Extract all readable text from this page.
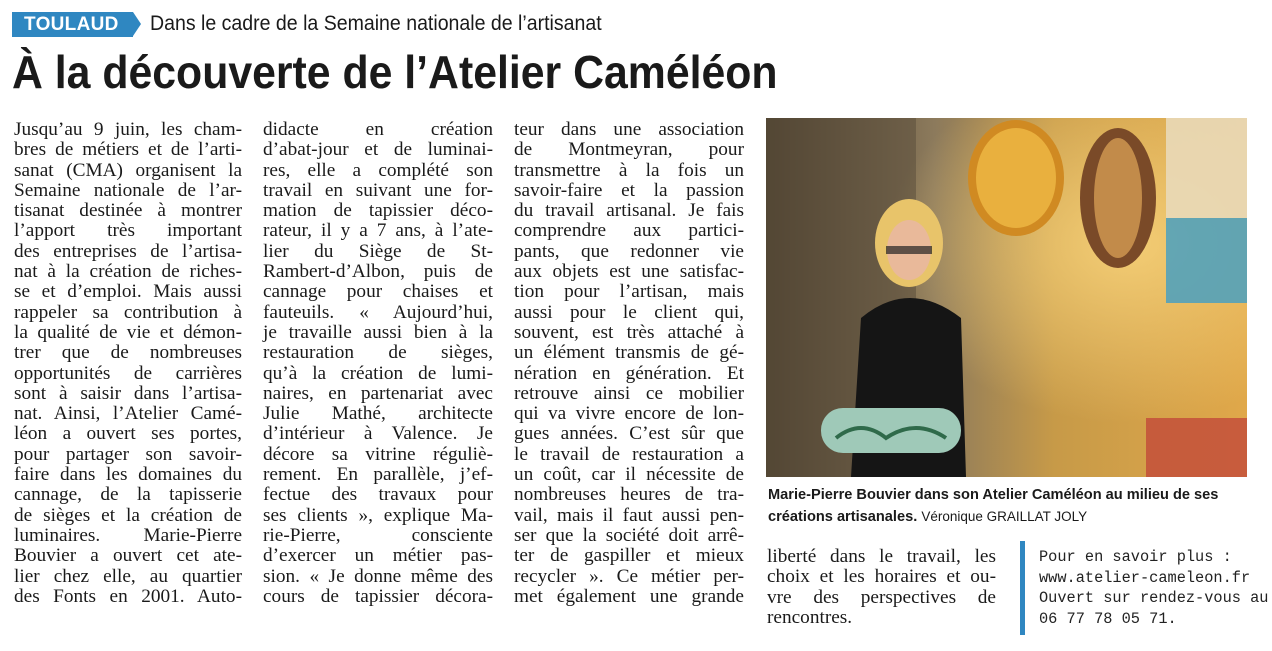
TOULAUD	Dans le cadre de la Semaine nationale de l’artisanat
À la découverte de l’Atelier Caméléon
Jusqu’au 9 juin, les cham-
bres de métiers et de l’arti-
sanat (CMA) organisent la
Semaine nationale de l’ar-
tisanat destinée à montrer
l’apport très important
des entreprises de l’artisa-
nat à la création de riches-
se et d’emploi. Mais aussi
rappeler sa contribution à
la qualité de vie et démon-
trer que de nombreuses
opportunités de carrières
sont à saisir dans l’artisa-
nat. Ainsi, l’Atelier Camé-
léon a ouvert ses portes,
pour partager son savoir-
faire dans les domaines du
cannage, de la tapisserie
de sièges et la création de
luminaires. Marie-Pierre
Bouvier a ouvert cet ate-
lier chez elle, au quartier
des Fonts en 2001. Auto-
didacte en création
d’abat-jour et de luminai-
res, elle a complété son
travail en suivant une for-
mation de tapissier déco-
rateur, il y a 7 ans, à l’ate-
lier du Siège de St-
Rambert-d’Albon, puis de
cannage pour chaises et
fauteuils. « Aujourd’hui,
je travaille aussi bien à la
restauration de sièges,
qu’à la création de lumi-
naires, en partenariat avec
Julie Mathé, architecte
d’intérieur à Valence. Je
décore sa vitrine réguliè-
rement. En parallèle, j’ef-
fectue des travaux pour
ses clients », explique Ma-
rie-Pierre, consciente
d’exercer un métier pas-
sion. « Je donne même des
cours de tapissier décora-
teur dans une association
de Montmeyran, pour
transmettre à la fois un
savoir-faire et la passion
du travail artisanal. Je fais
comprendre aux partici-
pants, que redonner vie
aux objets est une satisfac-
tion pour l’artisan, mais
aussi pour le client qui,
souvent, est très attaché à
un élément transmis de gé-
nération en génération. Et
retrouve ainsi ce mobilier
qui va vivre encore de lon-
gues années. C’est sûr que
le travail de restauration a
un coût, car il nécessite de
nombreuses heures de tra-
vail, mais il faut aussi pen-
ser que la société doit arrê-
ter de gaspiller et mieux
recycler ». Ce métier per-
met également une grande
liberté dans le travail, les
choix et les horaires et ou-
vre des perspectives de
rencontres.
Marie-Pierre Bouvier dans son Atelier Caméléon au milieu de ses créations artisanales. Véronique GRAILLAT JOLY
Pour en savoir plus :
www.atelier-cameleon.fr
Ouvert sur rendez-vous au
06 77 78 05 71.
